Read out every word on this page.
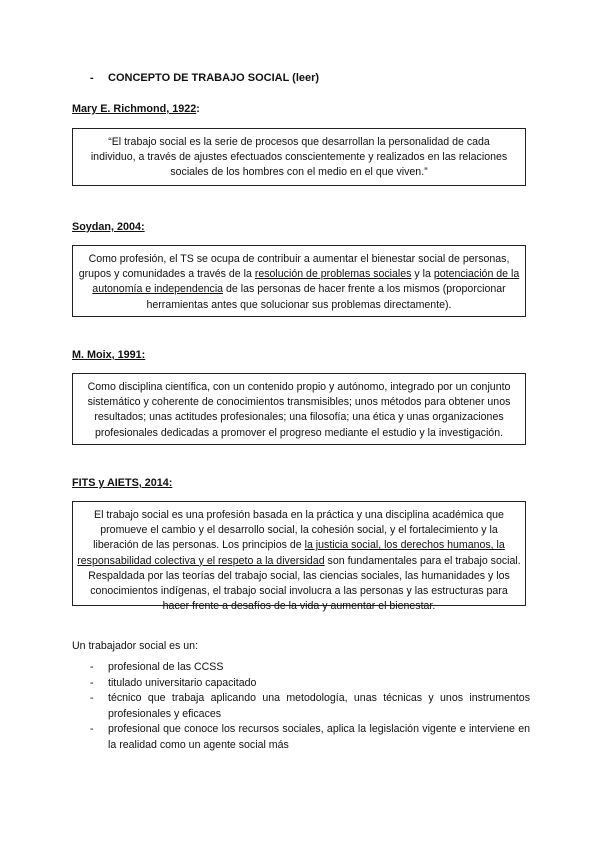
- CONCEPTO DE TRABAJO SOCIAL (leer)
Mary E. Richmond, 1922:
“El trabajo social es la serie de procesos que desarrollan la personalidad de cada individuo, a través de ajustes efectuados conscientemente y realizados en las relaciones sociales de los hombres con el medio en el que viven.”
Soydan, 2004:
Como profesión, el TS se ocupa de contribuir a aumentar el bienestar social de personas, grupos y comunidades a través de la resolución de problemas sociales y la potenciación de la autonomía e independencia de las personas de hacer frente a los mismos (proporcionar herramientas antes que solucionar sus problemas directamente).
M. Moix, 1991:
Como disciplina científica, con un contenido propio y autónomo, integrado por un conjunto sistemático y coherente de conocimientos transmisibles; unos métodos para obtener unos resultados; unas actitudes profesionales; una filosofía; una ética y unas organizaciones profesionales dedicadas a promover el progreso mediante el estudio y la investigación.
FITS y AIETS, 2014:
El trabajo social es una profesión basada en la práctica y una disciplina académica que promueve el cambio y el desarrollo social, la cohesión social, y el fortalecimiento y la liberación de las personas. Los principios de la justicia social, los derechos humanos, la responsabilidad colectiva y el respeto a la diversidad son fundamentales para el trabajo social. Respaldada por las teorías del trabajo social, las ciencias sociales, las humanidades y los conocimientos indígenas, el trabajo social involucra a las personas y las estructuras para hacer frente a desafíos de la vida y aumentar el bienestar.
Un trabajador social es un:
- profesional de las CCSS
- titulado universitario capacitado
- técnico que trabaja aplicando una metodología, unas técnicas y unos instrumentos profesionales y eficaces
- profesional que conoce los recursos sociales, aplica la legislación vigente e interviene en la realidad como un agente social más
